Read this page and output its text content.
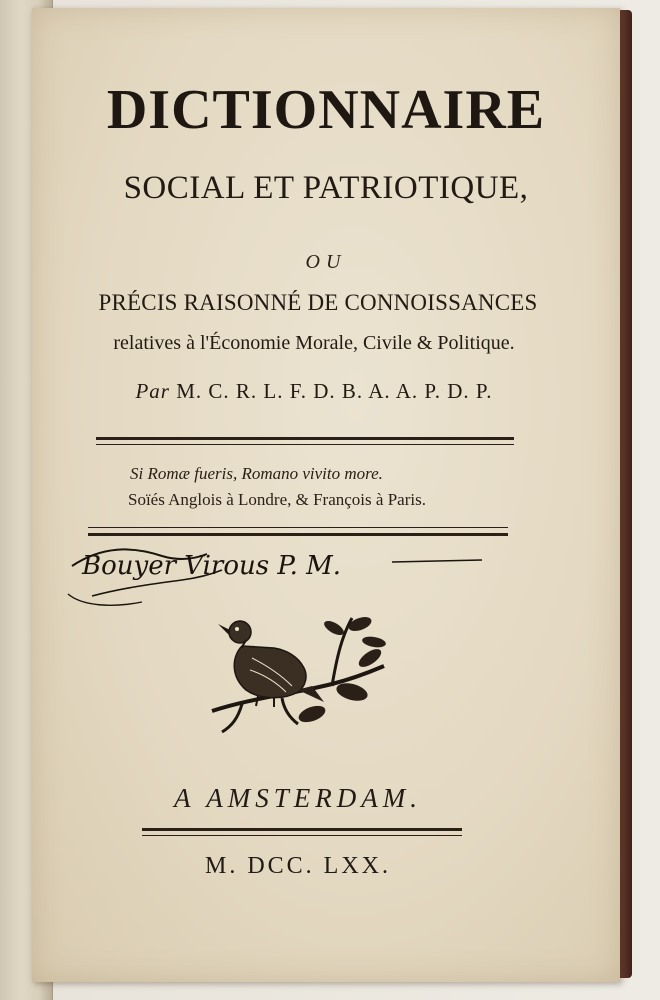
DICTIONNAIRE
SOCIAL ET PATRIOTIQUE,
OU
PRÉCIS RAISONNÉ DE CONNOISSANCES
relatives à l'Économie Morale, Civile & Politique.
Par M. C. R. L. F. D. B. A. A. P. D. P.
Si Romæ fueris, Romano vivito more.
Soïés Anglois à Londre, & François à Paris.
Bouyer Virous P. M.
A AMSTERDAM.
M. DCC. LXX.
